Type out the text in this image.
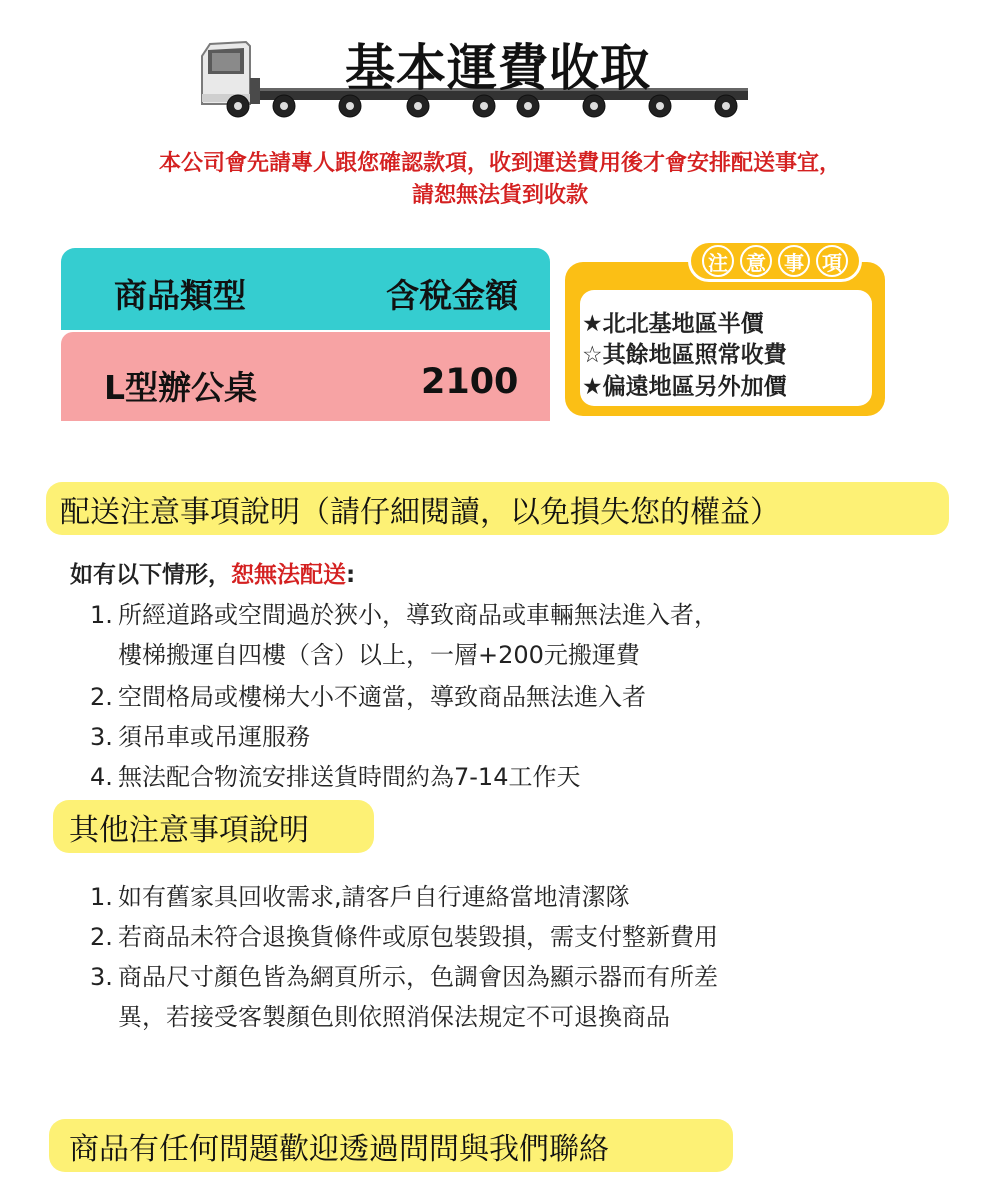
基本運費收取
本公司會先請專人跟您確認款項，收到運送費用後才會安排配送事宜，
請恕無法貨到收款
商品類型	含稅金額
L型辦公桌	2100
注 意 事 項
★北北基地區半價
☆其餘地區照常收費
★偏遠地區另外加價
配送注意事項說明（請仔細閱讀，以免損失您的權益）
如有以下情形，恕無法配送:
1. 所經道路或空間過於狹小，導致商品或車輛無法進入者，
樓梯搬運自四樓（含）以上，一層+200元搬運費
2. 空間格局或樓梯大小不適當，導致商品無法進入者
3. 須吊車或吊運服務
4. 無法配合物流安排送貨時間約為7-14工作天
其他注意事項說明
1. 如有舊家具回收需求,請客戶自行連絡當地清潔隊
2. 若商品未符合退換貨條件或原包裝毀損，需支付整新費用
3. 商品尺寸顏色皆為網頁所示，色調會因為顯示器而有所差
異，若接受客製顏色則依照消保法規定不可退換商品
商品有任何問題歡迎透過問問與我們聯絡
